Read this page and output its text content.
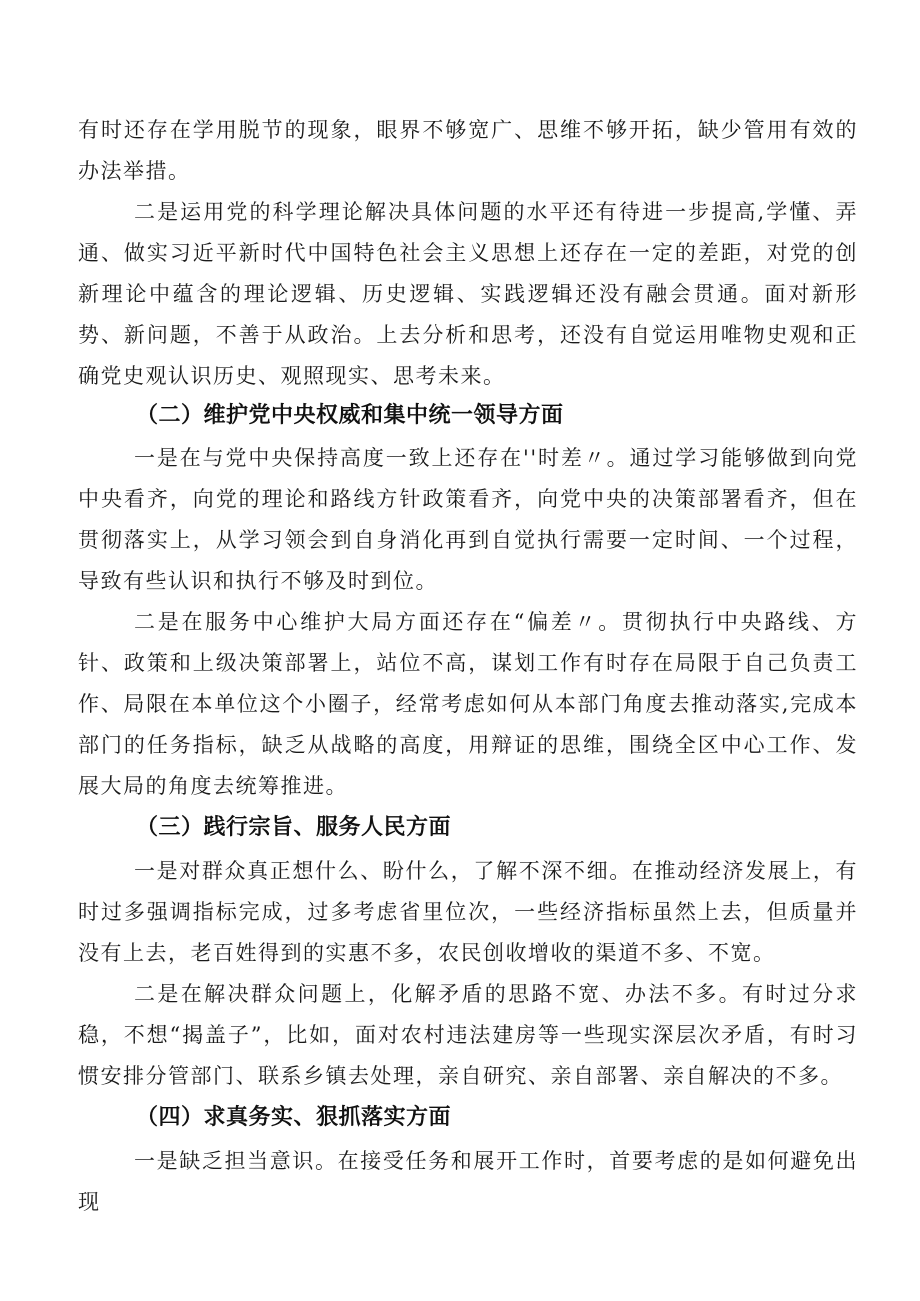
有时还存在学用脱节的现象，眼界不够宽广、思维不够开拓，缺少管用有效的办法举措。

二是运用党的科学理论解决具体问题的水平还有待进一步提高,学懂、弄通、做实习近平新时代中国特色社会主义思想上还存在一定的差距，对党的创新理论中蕴含的理论逻辑、历史逻辑、实践逻辑还没有融会贯通。面对新形势、新问题，不善于从政治。上去分析和思考，还没有自觉运用唯物史观和正确党史观认识历史、观照现实、思考未来。

（二）维护党中央权威和集中统一领导方面

一是在与党中央保持高度一致上还存在''时差〃。通过学习能够做到向党中央看齐，向党的理论和路线方针政策看齐，向党中央的决策部署看齐，但在贯彻落实上，从学习领会到自身消化再到自觉执行需要一定时间、一个过程，导致有些认识和执行不够及时到位。

二是在服务中心维护大局方面还存在“偏差〃。贯彻执行中央路线、方针、政策和上级决策部署上，站位不高，谋划工作有时存在局限于自己负责工作、局限在本单位这个小圈子，经常考虑如何从本部门角度去推动落实,完成本部门的任务指标，缺乏从战略的高度，用辩证的思维，围绕全区中心工作、发展大局的角度去统筹推进。

（三）践行宗旨、服务人民方面

一是对群众真正想什么、盼什么，了解不深不细。在推动经济发展上，有时过多强调指标完成，过多考虑省里位次，一些经济指标虽然上去，但质量并没有上去，老百姓得到的实惠不多，农民创收增收的渠道不多、不宽。

二是在解决群众问题上，化解矛盾的思路不宽、办法不多。有时过分求稳，不想“揭盖子”，比如，面对农村违法建房等一些现实深层次矛盾，有时习惯安排分管部门、联系乡镇去处理，亲自研究、亲自部署、亲自解决的不多。

（四）求真务实、狠抓落实方面

一是缺乏担当意识。在接受任务和展开工作时，首要考虑的是如何避免出现
